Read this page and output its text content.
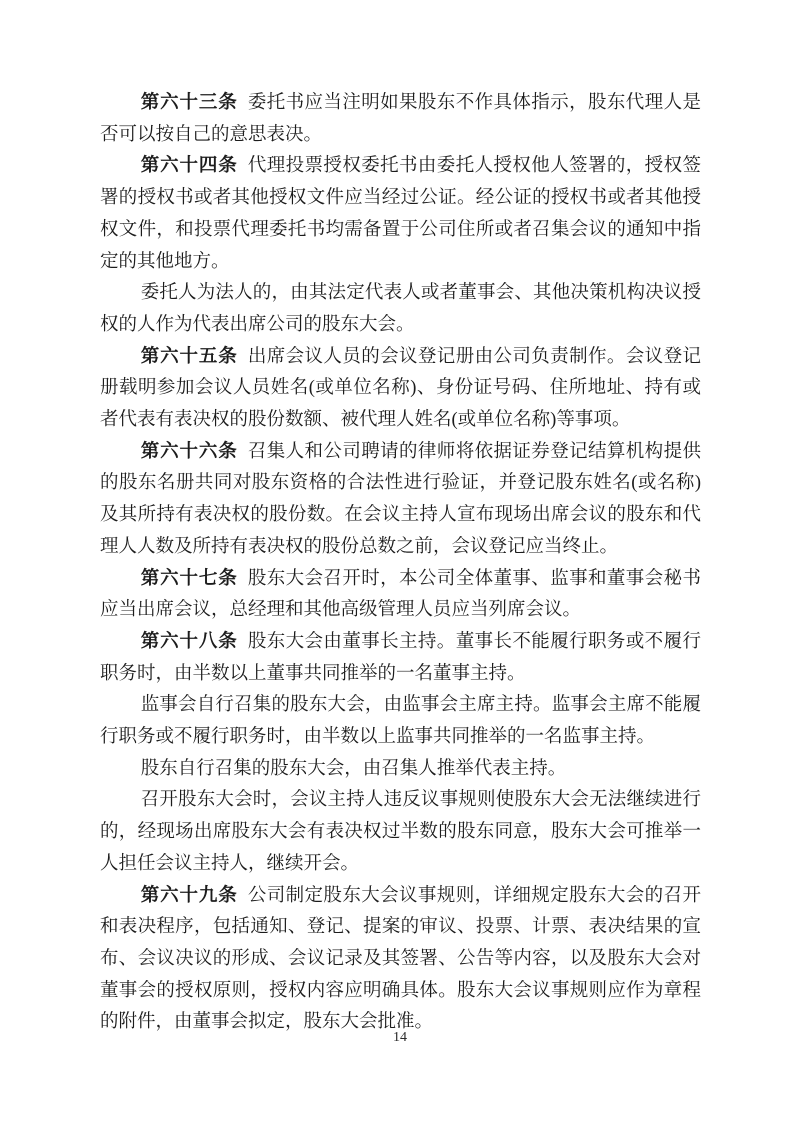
第六十三条 委托书应当注明如果股东不作具体指示，股东代理人是否可以按自己的意思表决。

第六十四条 代理投票授权委托书由委托人授权他人签署的，授权签署的授权书或者其他授权文件应当经过公证。经公证的授权书或者其他授权文件，和投票代理委托书均需备置于公司住所或者召集会议的通知中指定的其他地方。

委托人为法人的，由其法定代表人或者董事会、其他决策机构决议授权的人作为代表出席公司的股东大会。

第六十五条 出席会议人员的会议登记册由公司负责制作。会议登记册载明参加会议人员姓名(或单位名称)、身份证号码、住所地址、持有或者代表有表决权的股份数额、被代理人姓名(或单位名称)等事项。

第六十六条 召集人和公司聘请的律师将依据证券登记结算机构提供的股东名册共同对股东资格的合法性进行验证，并登记股东姓名(或名称)及其所持有表决权的股份数。在会议主持人宣布现场出席会议的股东和代理人人数及所持有表决权的股份总数之前，会议登记应当终止。

第六十七条 股东大会召开时，本公司全体董事、监事和董事会秘书应当出席会议，总经理和其他高级管理人员应当列席会议。

第六十八条 股东大会由董事长主持。董事长不能履行职务或不履行职务时，由半数以上董事共同推举的一名董事主持。

监事会自行召集的股东大会，由监事会主席主持。监事会主席不能履行职务或不履行职务时，由半数以上监事共同推举的一名监事主持。

股东自行召集的股东大会，由召集人推举代表主持。

召开股东大会时，会议主持人违反议事规则使股东大会无法继续进行的，经现场出席股东大会有表决权过半数的股东同意，股东大会可推举一人担任会议主持人，继续开会。

第六十九条 公司制定股东大会议事规则，详细规定股东大会的召开和表决程序，包括通知、登记、提案的审议、投票、计票、表决结果的宣布、会议决议的形成、会议记录及其签署、公告等内容，以及股东大会对董事会的授权原则，授权内容应明确具体。股东大会议事规则应作为章程的附件，由董事会拟定，股东大会批准。

14
